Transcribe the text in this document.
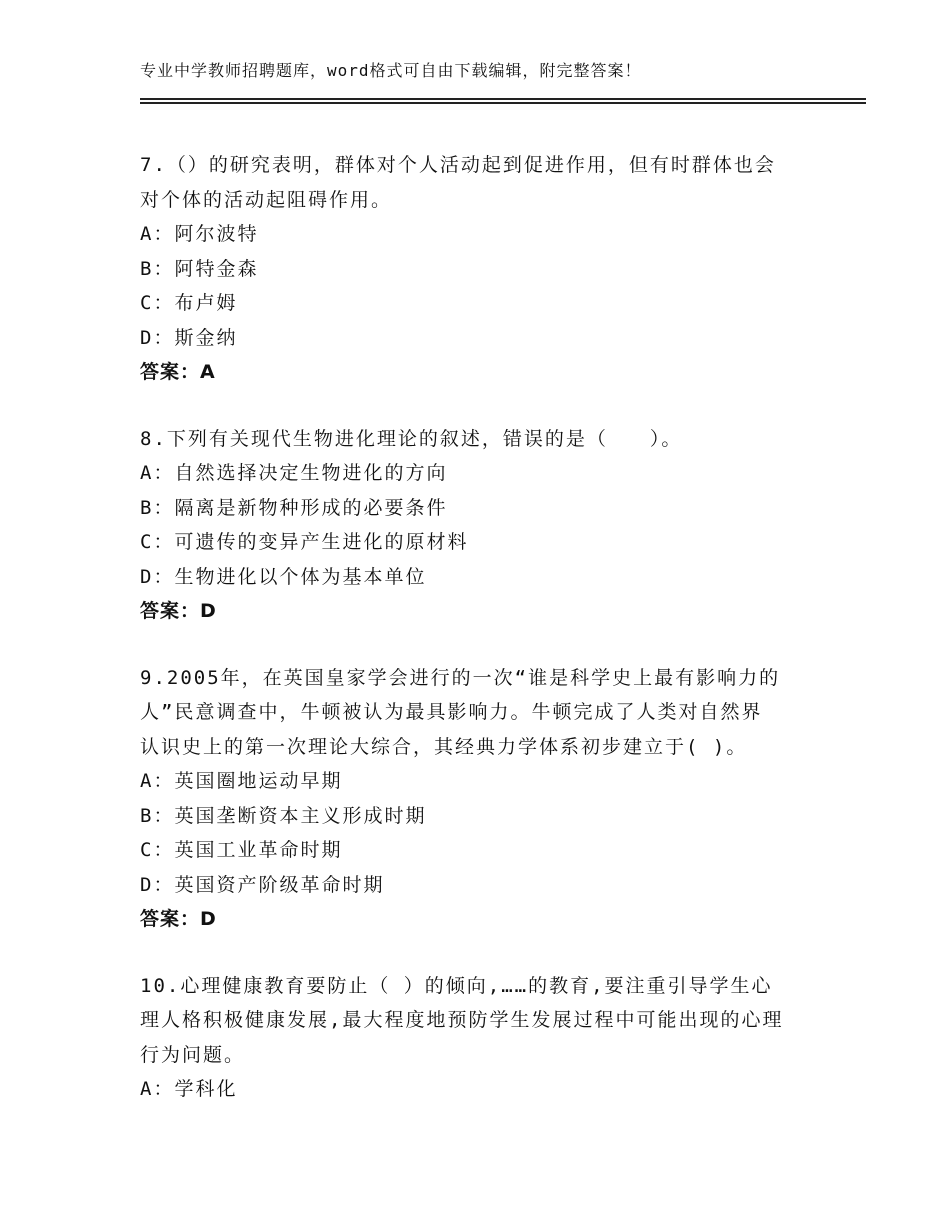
专业中学教师招聘题库，word格式可自由下载编辑，附完整答案！
7.（）的研究表明，群体对个人活动起到促进作用，但有时群体也会
对个体的活动起阻碍作用。
A：阿尔波特
B：阿特金森
C：布卢姆
D：斯金纳
答案：A
8.下列有关现代生物进化理论的叙述，错误的是（　　）。
A：自然选择决定生物进化的方向
B：隔离是新物种形成的必要条件
C：可遗传的变异产生进化的原材料
D：生物进化以个体为基本单位
答案：D
9.2005年，在英国皇家学会进行的一次“谁是科学史上最有影响力的
人”民意调查中，牛顿被认为最具影响力。牛顿完成了人类对自然界
认识史上的第一次理论大综合，其经典力学体系初步建立于( )。
A：英国圈地运动早期
B：英国垄断资本主义形成时期
C：英国工业革命时期
D：英国资产阶级革命时期
答案：D
10.心理健康教育要防止（ ）的倾向,……的教育,要注重引导学生心
理人格积极健康发展,最大程度地预防学生发展过程中可能出现的心理
行为问题。
A：学科化
